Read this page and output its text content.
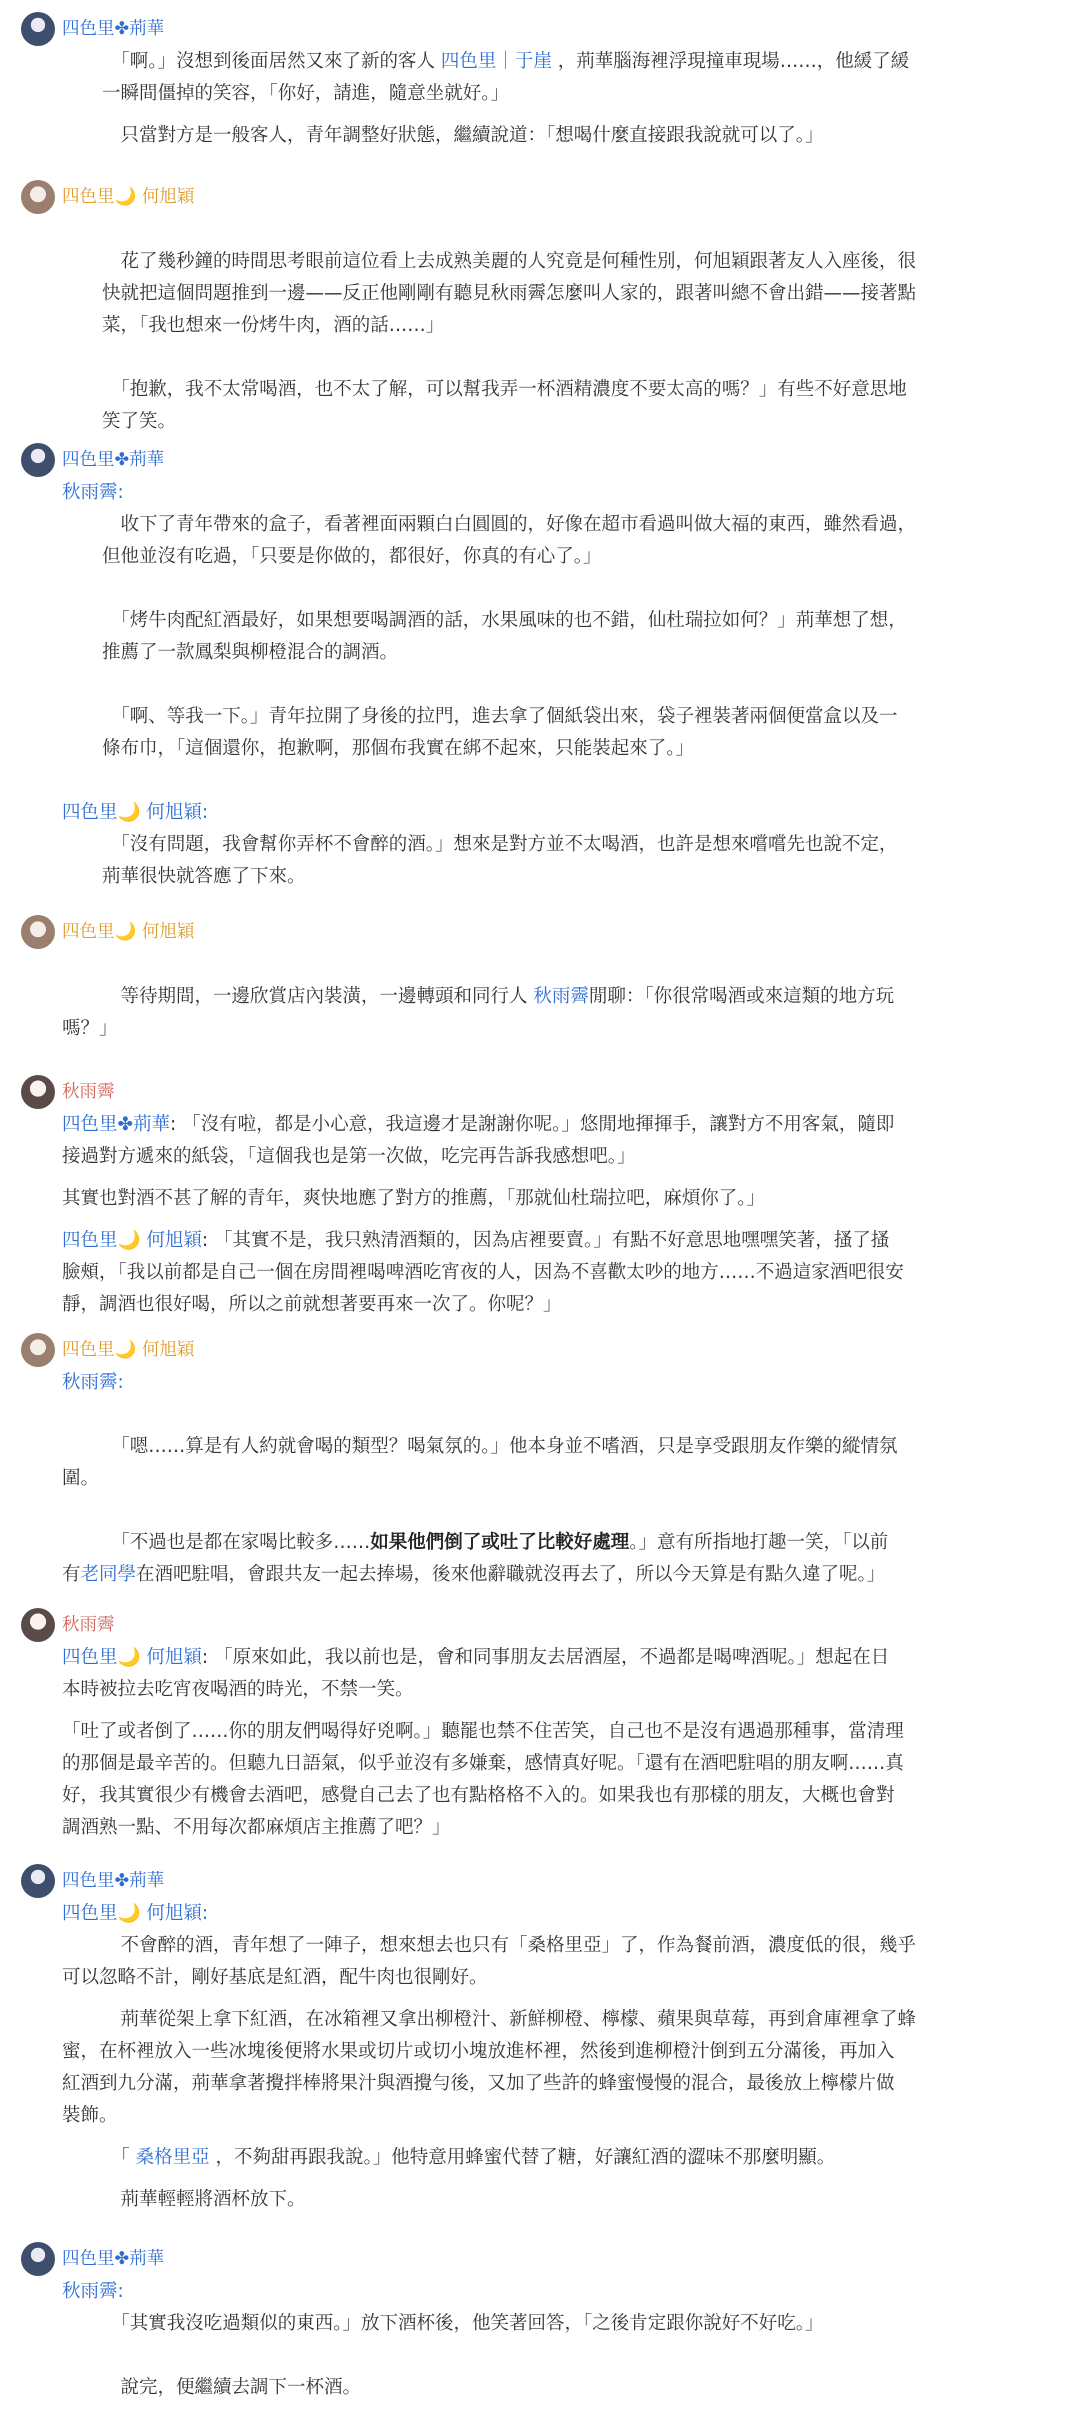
四色里✤荊華
　「啊。」沒想到後面居然又來了新的客人 四色里｜于崖 ，荊華腦海裡浮現撞車現場……，他緩了緩
一瞬間僵掉的笑容，「你好，請進，隨意坐就好。」
　只當對方是一般客人，青年調整好狀態，繼續說道：「想喝什麼直接跟我說就可以了。」
四色里🌙 何旭穎
　花了幾秒鐘的時間思考眼前這位看上去成熟美麗的人究竟是何種性別，何旭穎跟著友人入座後，很
快就把這個問題推到一邊——反正他剛剛有聽見秋雨霽怎麼叫人家的，跟著叫總不會出錯——接著點
菜，「我也想來一份烤牛肉，酒的話……」
　「抱歉，我不太常喝酒，也不太了解，可以幫我弄一杯酒精濃度不要太高的嗎？」有些不好意思地
笑了笑。
四色里✤荊華
秋雨霽:
　收下了青年帶來的盒子，看著裡面兩顆白白圓圓的，好像在超市看過叫做大福的東西，雖然看過，
但他並沒有吃過，「只要是你做的，都很好，你真的有心了。」
　「烤牛肉配紅酒最好，如果想要喝調酒的話，水果風味的也不錯，仙杜瑞拉如何？」荊華想了想，
推薦了一款鳳梨與柳橙混合的調酒。
　「啊、等我一下。」青年拉開了身後的拉門，進去拿了個紙袋出來，袋子裡裝著兩個便當盒以及一
條布巾，「這個還你，抱歉啊，那個布我實在綁不起來，只能裝起來了。」
四色里🌙 何旭穎:
　「沒有問題，我會幫你弄杯不會醉的酒。」想來是對方並不太喝酒，也許是想來嚐嚐先也說不定，
荊華很快就答應了下來。
四色里🌙 何旭穎
　等待期間，一邊欣賞店內裝潢，一邊轉頭和同行人 秋雨霽閒聊：「你很常喝酒或來這類的地方玩
嗎？」
秋雨霽
四色里✤荊華: 「沒有啦，都是小心意，我這邊才是謝謝你呢。」悠閒地揮揮手，讓對方不用客氣，隨即
接過對方遞來的紙袋，「這個我也是第一次做，吃完再告訴我感想吧。」
其實也對酒不甚了解的青年，爽快地應了對方的推薦，「那就仙杜瑞拉吧，麻煩你了。」
四色里🌙 何旭穎: 「其實不是，我只熟清酒類的，因為店裡要賣。」有點不好意思地嘿嘿笑著，搔了搔
臉頰，「我以前都是自己一個在房間裡喝啤酒吃宵夜的人，因為不喜歡太吵的地方……不過這家酒吧很安
靜，調酒也很好喝，所以之前就想著要再來一次了。你呢？」
四色里🌙 何旭穎
秋雨霽:
　「嗯……算是有人約就會喝的類型？喝氣氛的。」他本身並不嗜酒，只是享受跟朋友作樂的縱情氛
圍。
　「不過也是都在家喝比較多……如果他們倒了或吐了比較好處理。」意有所指地打趣一笑，「以前
有老同學在酒吧駐唱，會跟共友一起去捧場，後來他辭職就沒再去了，所以今天算是有點久違了呢。」
秋雨霽
四色里🌙 何旭穎: 「原來如此，我以前也是，會和同事朋友去居酒屋，不過都是喝啤酒呢。」想起在日
本時被拉去吃宵夜喝酒的時光，不禁一笑。
「吐了或者倒了……你的朋友們喝得好兇啊。」聽罷也禁不住苦笑，自己也不是沒有遇過那種事，當清理
的那個是最辛苦的。但聽九日語氣，似乎並沒有多嫌棄，感情真好呢。「還有在酒吧駐唱的朋友啊……真
好，我其實很少有機會去酒吧，感覺自己去了也有點格格不入的。如果我也有那樣的朋友，大概也會對
調酒熟一點、不用每次都麻煩店主推薦了吧？」
四色里✤荊華
四色里🌙 何旭穎:
　不會醉的酒，青年想了一陣子，想來想去也只有「桑格里亞」了，作為餐前酒，濃度低的很，幾乎
可以忽略不計，剛好基底是紅酒，配牛肉也很剛好。
　荊華從架上拿下紅酒，在冰箱裡又拿出柳橙汁、新鮮柳橙、檸檬、蘋果與草莓，再到倉庫裡拿了蜂
蜜，在杯裡放入一些冰塊後便將水果或切片或切小塊放進杯裡，然後到進柳橙汁倒到五分滿後，再加入
紅酒到九分滿，荊華拿著攪拌棒將果汁與酒攪勻後，又加了些許的蜂蜜慢慢的混合，最後放上檸檬片做
裝飾。
　「 桑格里亞 ，不夠甜再跟我說。」他特意用蜂蜜代替了糖，好讓紅酒的澀味不那麼明顯。
　荊華輕輕將酒杯放下。
四色里✤荊華
秋雨霽:
　「其實我沒吃過類似的東西。」放下酒杯後，他笑著回答，「之後肯定跟你說好不好吃。」
　說完，便繼續去調下一杯酒。
